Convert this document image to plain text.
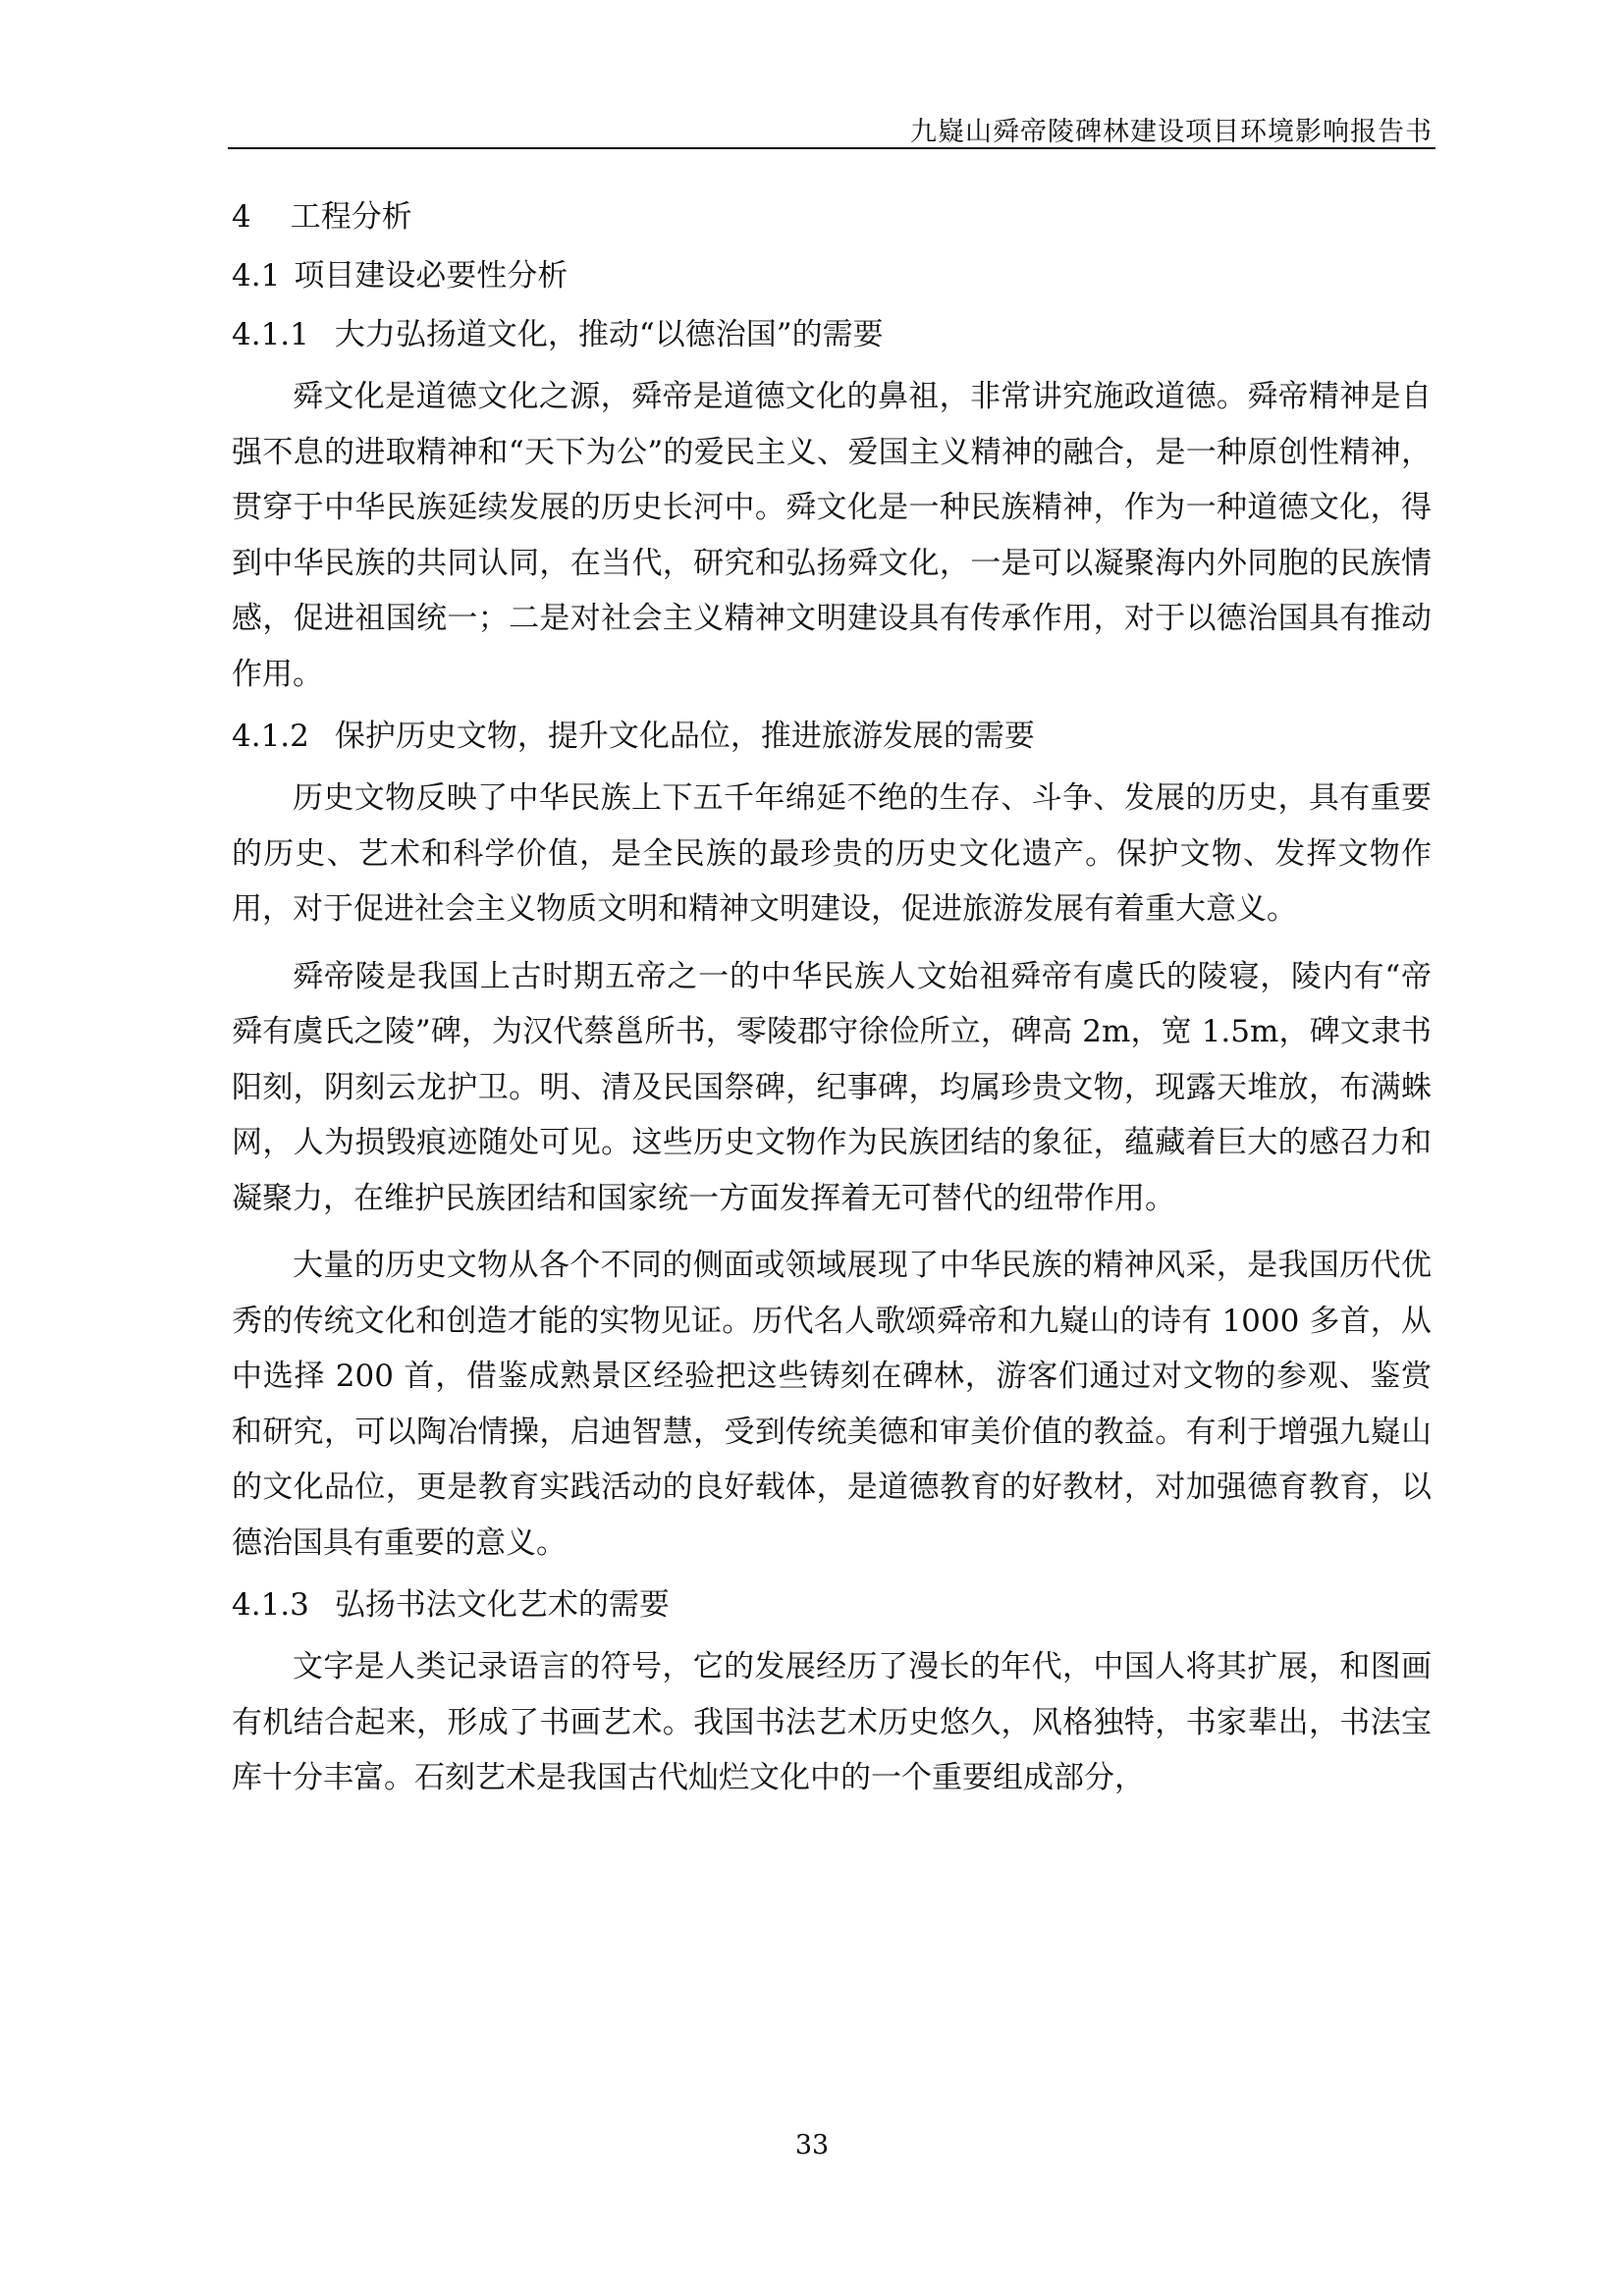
九嶷山舜帝陵碑林建设项目环境影响报告书
4 工程分析
4.1 项目建设必要性分析
4.1.1 大力弘扬道文化，推动“以德治国”的需要

舜文化是道德文化之源，舜帝是道德文化的鼻祖，非常讲究施政道德。舜帝精神是自强不息的进取精神和“天下为公”的爱民主义、爱国主义精神的融合，是一种原创性精神，贯穿于中华民族延续发展的历史长河中。舜文化是一种民族精神，作为一种道德文化，得到中华民族的共同认同，在当代，研究和弘扬舜文化，一是可以凝聚海内外同胞的民族情感，促进祖国统一；二是对社会主义精神文明建设具有传承作用，对于以德治国具有推动作用。

4.1.2 保护历史文物，提升文化品位，推进旅游发展的需要

历史文物反映了中华民族上下五千年绵延不绝的生存、斗争、发展的历史，具有重要的历史、艺术和科学价值，是全民族的最珍贵的历史文化遗产。保护文物、发挥文物作用，对于促进社会主义物质文明和精神文明建设，促进旅游发展有着重大意义。

舜帝陵是我国上古时期五帝之一的中华民族人文始祖舜帝有虞氏的陵寝，陵内有“帝舜有虞氏之陵”碑，为汉代蔡邕所书，零陵郡守徐俭所立，碑高 2m，宽 1.5m，碑文隶书阳刻，阴刻云龙护卫。明、清及民国祭碑，纪事碑，均属珍贵文物，现露天堆放，布满蛛网，人为损毁痕迹随处可见。这些历史文物作为民族团结的象征，蕴藏着巨大的感召力和凝聚力，在维护民族团结和国家统一方面发挥着无可替代的纽带作用。

大量的历史文物从各个不同的侧面或领域展现了中华民族的精神风采，是我国历代优秀的传统文化和创造才能的实物见证。历代名人歌颂舜帝和九嶷山的诗有 1000 多首，从中选择 200 首，借鉴成熟景区经验把这些铸刻在碑林，游客们通过对文物的参观、鉴赏和研究，可以陶冶情操，启迪智慧，受到传统美德和审美价值的教益。有利于增强九嶷山的文化品位，更是教育实践活动的良好载体，是道德教育的好教材，对加强德育教育，以德治国具有重要的意义。

4.1.3 弘扬书法文化艺术的需要

文字是人类记录语言的符号，它的发展经历了漫长的年代，中国人将其扩展，和图画有机结合起来，形成了书画艺术。我国书法艺术历史悠久，风格独特，书家辈出，书法宝库十分丰富。石刻艺术是我国古代灿烂文化中的一个重要组成部分，

33
